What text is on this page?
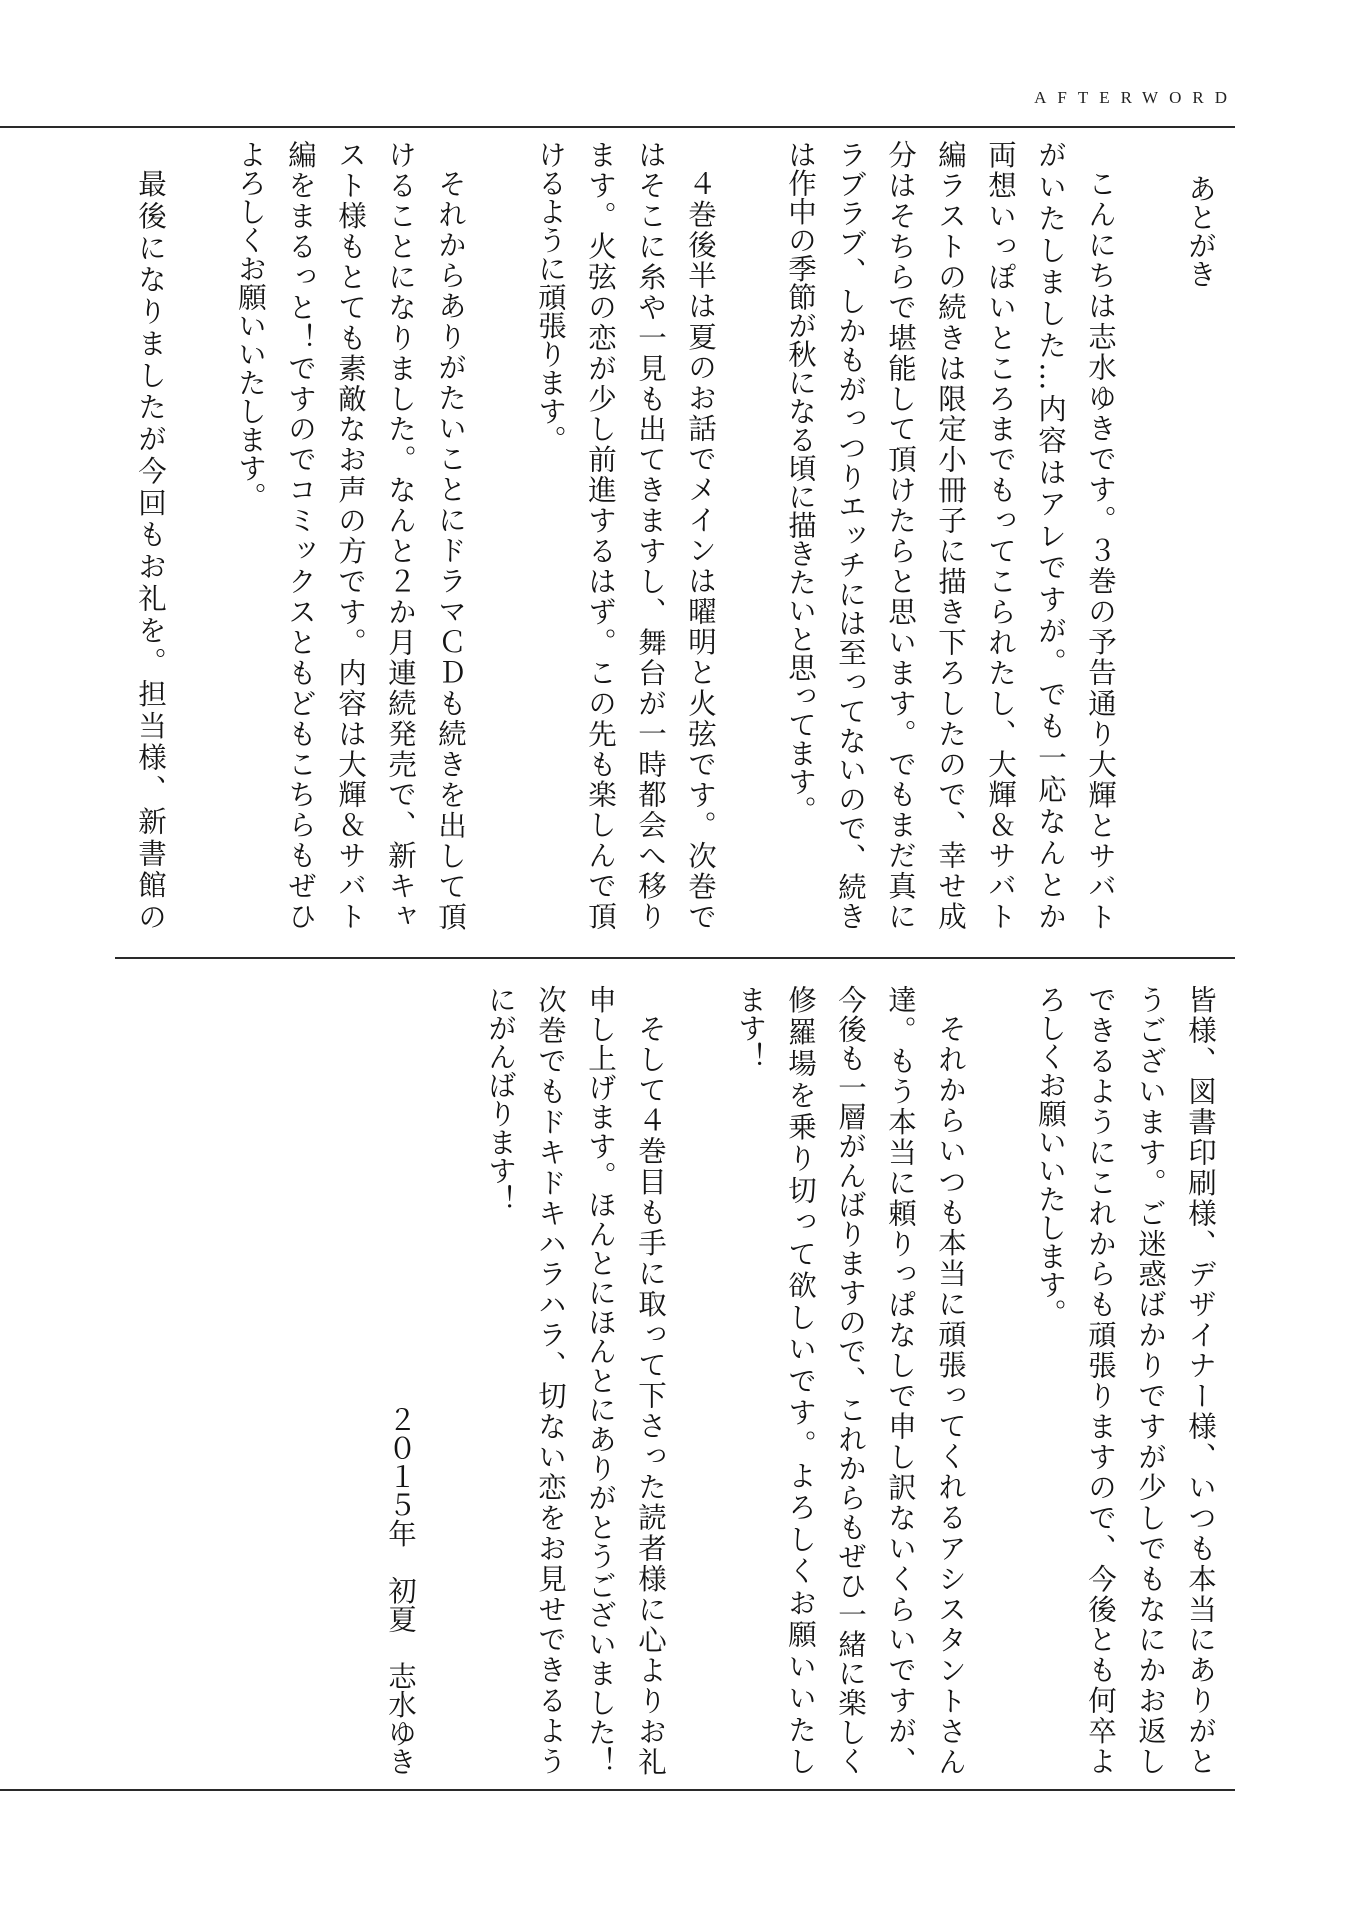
AFTERWORD
あとがき
こんにちは志水ゆきです。３巻の予告通り大輝とサバト
がいたしました…内容はアレですが。でも一応なんとか
両想いっぽいところまでもってこられたし、大輝＆サバト
編ラストの続きは限定小冊子に描き下ろしたので、幸せ成
分はそちらで堪能して頂けたらと思います。でもまだ真に
ラブラブ、しかもがっつりエッチには至ってないので、続き
は作中の季節が秋になる頃に描きたいと思ってます。
４巻後半は夏のお話でメインは曜明と火弦です。次巻で
はそこに糸や一見も出てきますし、舞台が一時都会へ移り
ます。火弦の恋が少し前進するはず。この先も楽しんで頂
けるように頑張ります。
それからありがたいことにドラマＣＤも続きを出して頂
けることになりました。なんと２か月連続発売で、新キャ
スト様もとても素敵なお声の方です。内容は大輝＆サバト
編をまるっと！ですのでコミックスともどもこちらもぜひ
よろしくお願いいたします。
最後になりましたが今回もお礼を。担当様、新書館の
皆様、図書印刷様、デザイナー様、いつも本当にありがと
うございます。ご迷惑ばかりですが少しでもなにかお返し
できるようにこれからも頑張りますので、今後とも何卒よ
ろしくお願いいたします。
それからいつも本当に頑張ってくれるアシスタントさん
達。もう本当に頼りっぱなしで申し訳ないくらいですが、
今後も一層がんばりますので、これからもぜひ一緒に楽しく
修羅場を乗り切って欲しいです。よろしくお願いいたし
ます！
そして４巻目も手に取って下さった読者様に心よりお礼
申し上げます。ほんとにほんとにありがとうございました！
次巻でもドキドキハラハラ、切ない恋をお見せできるよう
にがんばります！
２０１５年　初夏　志水ゆき
